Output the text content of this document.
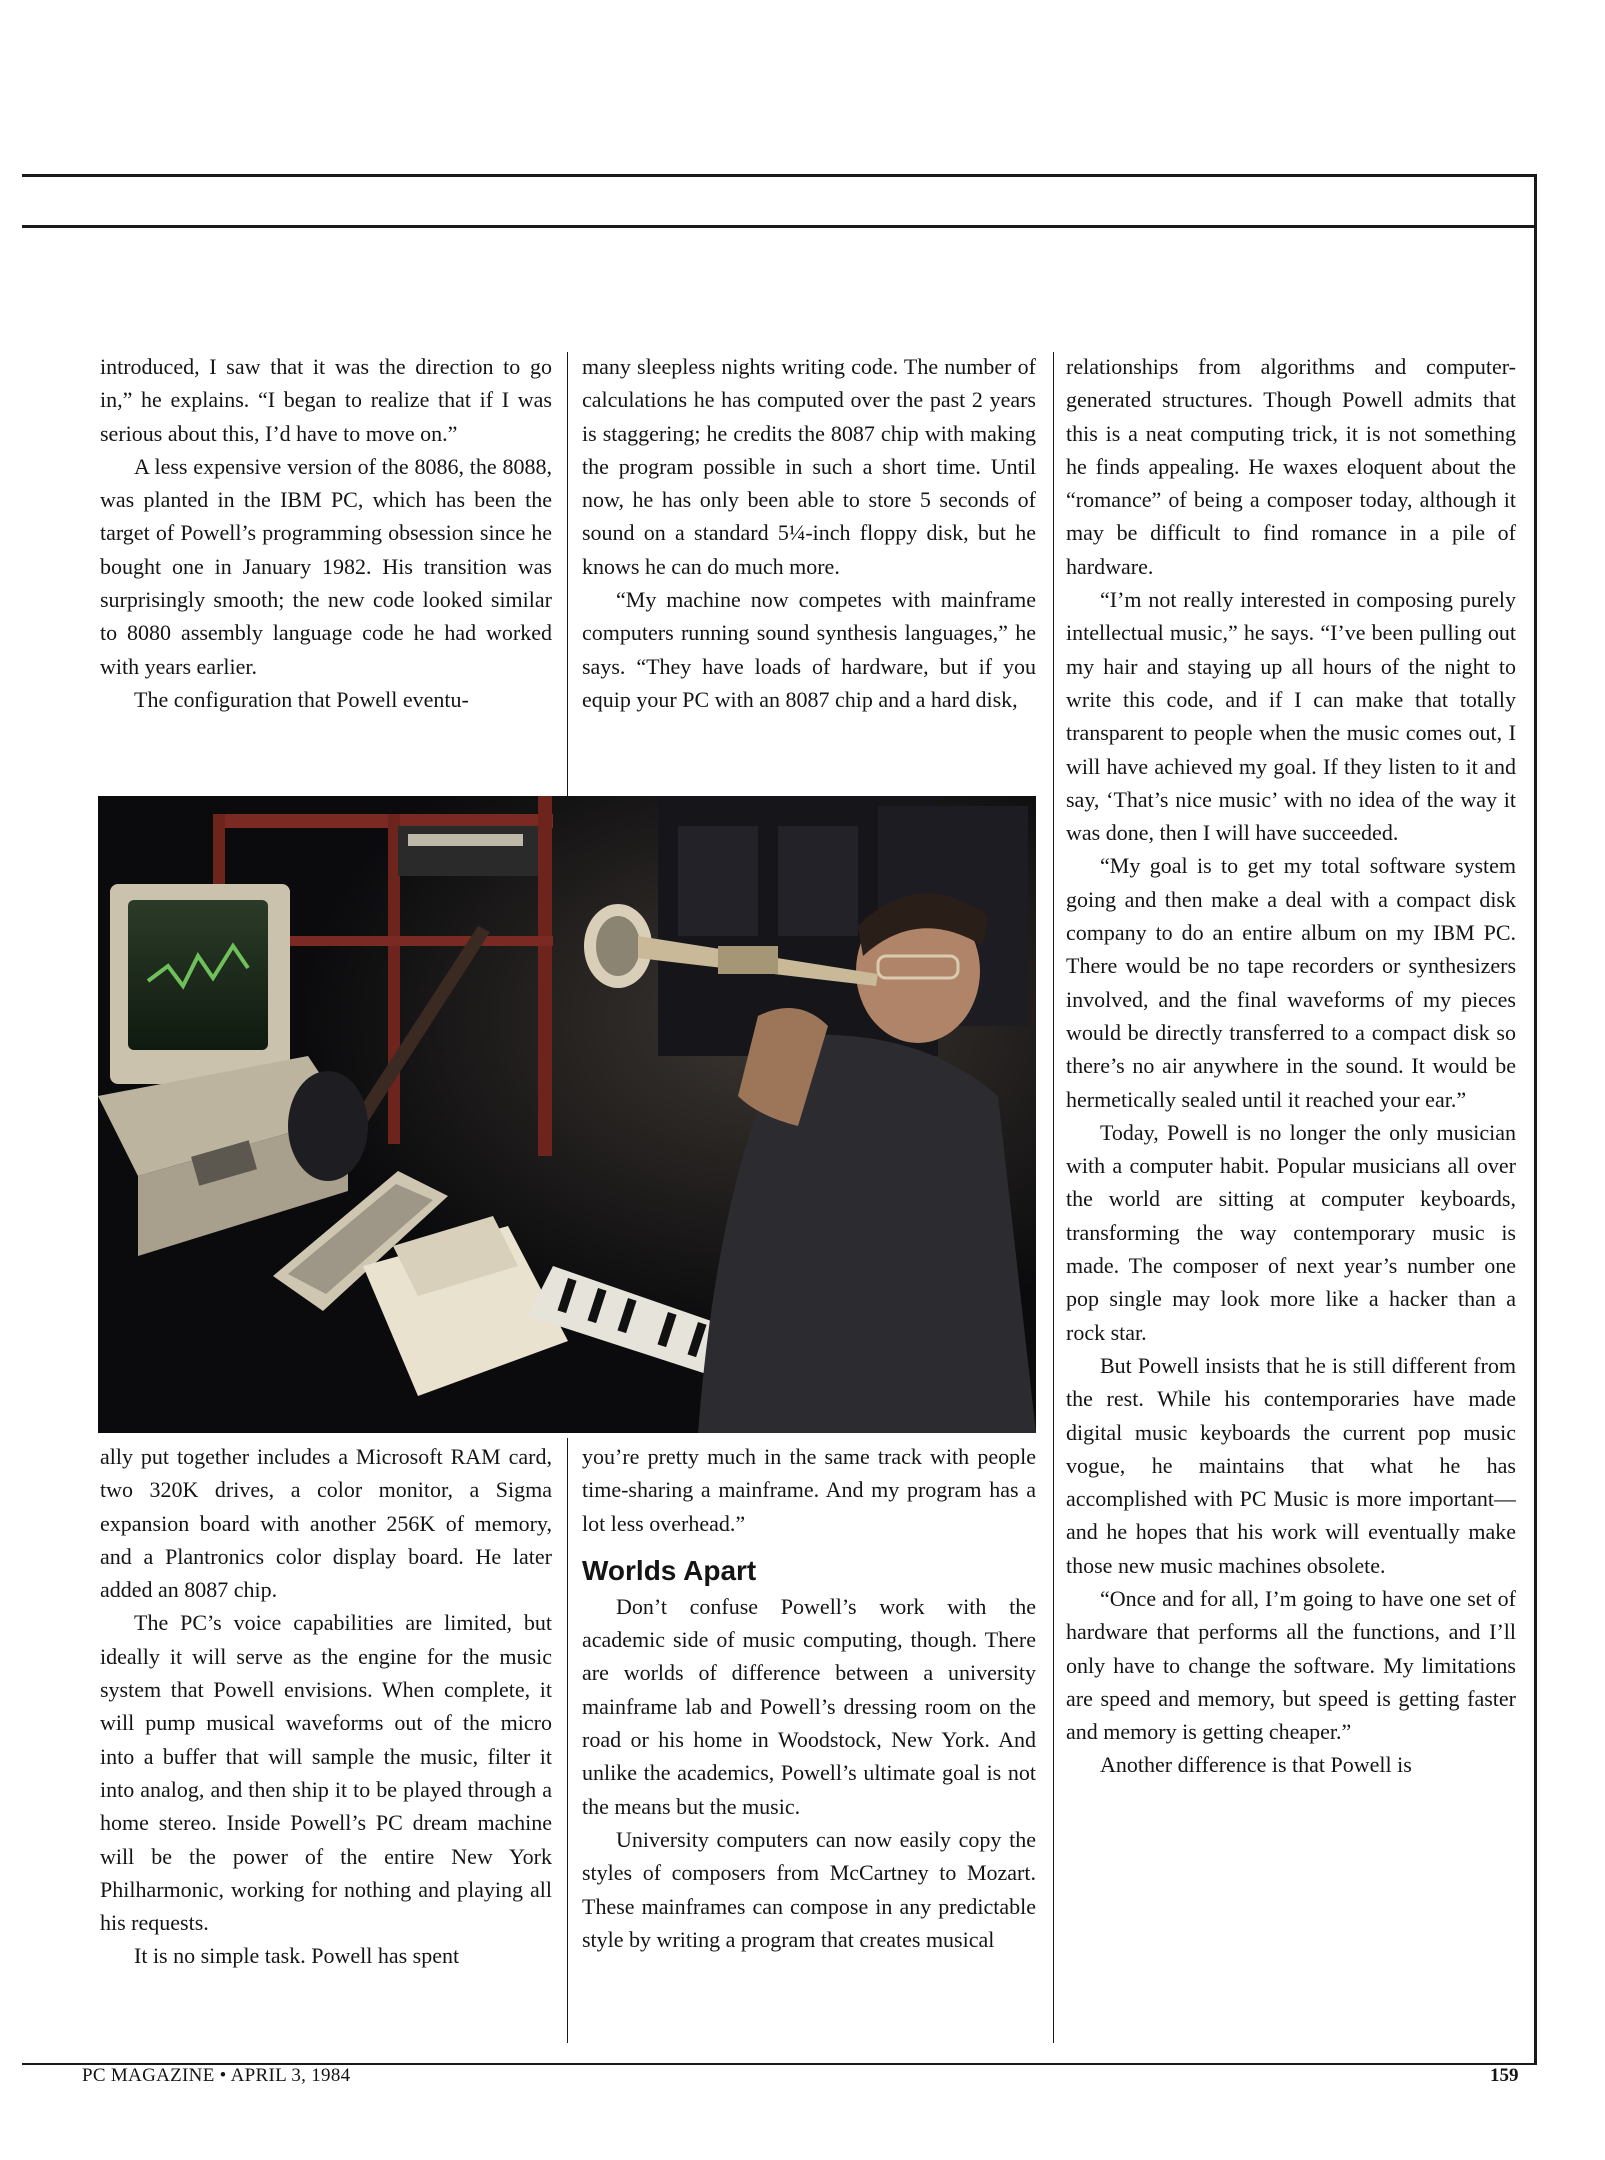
introduced, I saw that it was the direction to go in,” he explains. “I began to realize that if I was serious about this, I’d have to move on.”

A less expensive version of the 8086, the 8088, was planted in the IBM PC, which has been the target of Powell’s programming obsession since he bought one in January 1982. His transition was surprisingly smooth; the new code looked similar to 8080 assembly language code he had worked with years earlier.

The configuration that Powell eventu-

many sleepless nights writing code. The number of calculations he has computed over the past 2 years is staggering; he credits the 8087 chip with making the program possible in such a short time. Until now, he has only been able to store 5 seconds of sound on a standard 5¼-inch floppy disk, but he knows he can do much more.

“My machine now competes with mainframe computers running sound synthesis languages,” he says. “They have loads of hardware, but if you equip your PC with an 8087 chip and a hard disk,

ally put together includes a Microsoft RAM card, two 320K drives, a color monitor, a Sigma expansion board with another 256K of memory, and a Plantronics color display board. He later added an 8087 chip.

The PC’s voice capabilities are limited, but ideally it will serve as the engine for the music system that Powell envisions. When complete, it will pump musical waveforms out of the micro into a buffer that will sample the music, filter it into analog, and then ship it to be played through a home stereo. Inside Powell’s PC dream machine will be the power of the entire New York Philharmonic, working for nothing and playing all his requests.

It is no simple task. Powell has spent

you’re pretty much in the same track with people time-sharing a mainframe. And my program has a lot less overhead.”

Worlds Apart

Don’t confuse Powell’s work with the academic side of music computing, though. There are worlds of difference between a university mainframe lab and Powell’s dressing room on the road or his home in Woodstock, New York. And unlike the academics, Powell’s ultimate goal is not the means but the music.

University computers can now easily copy the styles of composers from McCartney to Mozart. These mainframes can compose in any predictable style by writing a program that creates musical

relationships from algorithms and computer-generated structures. Though Powell admits that this is a neat computing trick, it is not something he finds appealing. He waxes eloquent about the “romance” of being a composer today, although it may be difficult to find romance in a pile of hardware.

“I’m not really interested in composing purely intellectual music,” he says. “I’ve been pulling out my hair and staying up all hours of the night to write this code, and if I can make that totally transparent to people when the music comes out, I will have achieved my goal. If they listen to it and say, ‘That’s nice music’ with no idea of the way it was done, then I will have succeeded.

“My goal is to get my total software system going and then make a deal with a compact disk company to do an entire album on my IBM PC. There would be no tape recorders or synthesizers involved, and the final waveforms of my pieces would be directly transferred to a compact disk so there’s no air anywhere in the sound. It would be hermetically sealed until it reached your ear.”

Today, Powell is no longer the only musician with a computer habit. Popular musicians all over the world are sitting at computer keyboards, transforming the way contemporary music is made. The composer of next year’s number one pop single may look more like a hacker than a rock star.

But Powell insists that he is still different from the rest. While his contemporaries have made digital music keyboards the current pop music vogue, he maintains that what he has accomplished with PC Music is more important—and he hopes that his work will eventually make those new music machines obsolete.

“Once and for all, I’m going to have one set of hardware that performs all the functions, and I’ll only have to change the software. My limitations are speed and memory, but speed is getting faster and memory is getting cheaper.”

Another difference is that Powell is

PC MAGAZINE • APRIL 3, 1984	159
